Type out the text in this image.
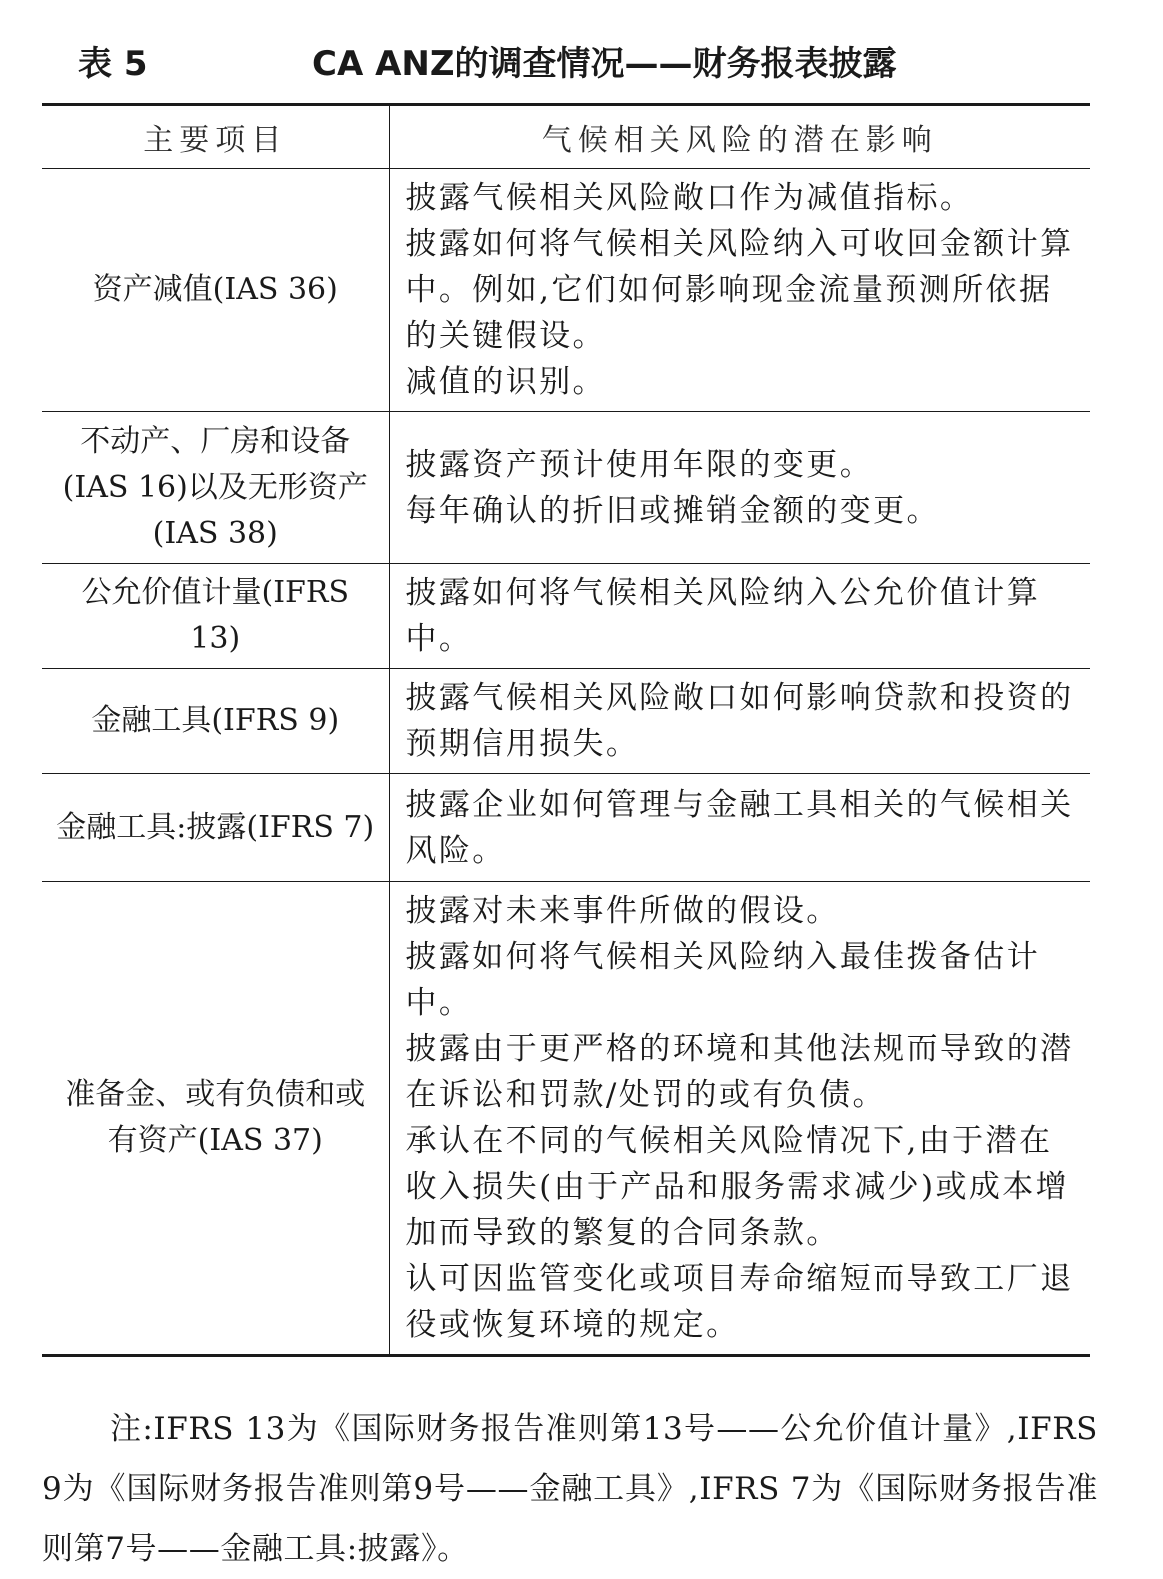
表 5	CA ANZ的调查情况——财务报表披露
主要项目	气候相关风险的潜在影响
资产减值(IAS 36)	披露气候相关风险敞口作为减值指标。

披露如何将气候相关风险纳入可收回金额计算中。例如,它们如何影响现金流量预测所依据的关键假设。

减值的识别。

不动产、厂房和设备(IAS 16)以及无形资产(IAS 38)	披露资产预计使用年限的变更。

每年确认的折旧或摊销金额的变更。

公允价值计量(IFRS 13)	披露如何将气候相关风险纳入公允价值计算中。

金融工具(IFRS 9)	披露气候相关风险敞口如何影响贷款和投资的预期信用损失。

金融工具:披露(IFRS 7)	披露企业如何管理与金融工具相关的气候相关风险。

准备金、或有负债和或有资产(IAS 37)	披露对未来事件所做的假设。

披露如何将气候相关风险纳入最佳拨备估计中。

披露由于更严格的环境和其他法规而导致的潜在诉讼和罚款/处罚的或有负债。

承认在不同的气候相关风险情况下,由于潜在收入损失(由于产品和服务需求减少)或成本增加而导致的繁复的合同条款。

认可因监管变化或项目寿命缩短而导致工厂退役或恢复环境的规定。

注:IFRS 13为《国际财务报告准则第13号——公允价值计量》,IFRS 9为《国际财务报告准则第9号——金融工具》,IFRS 7为《国际财务报告准则第7号——金融工具:披露》。
